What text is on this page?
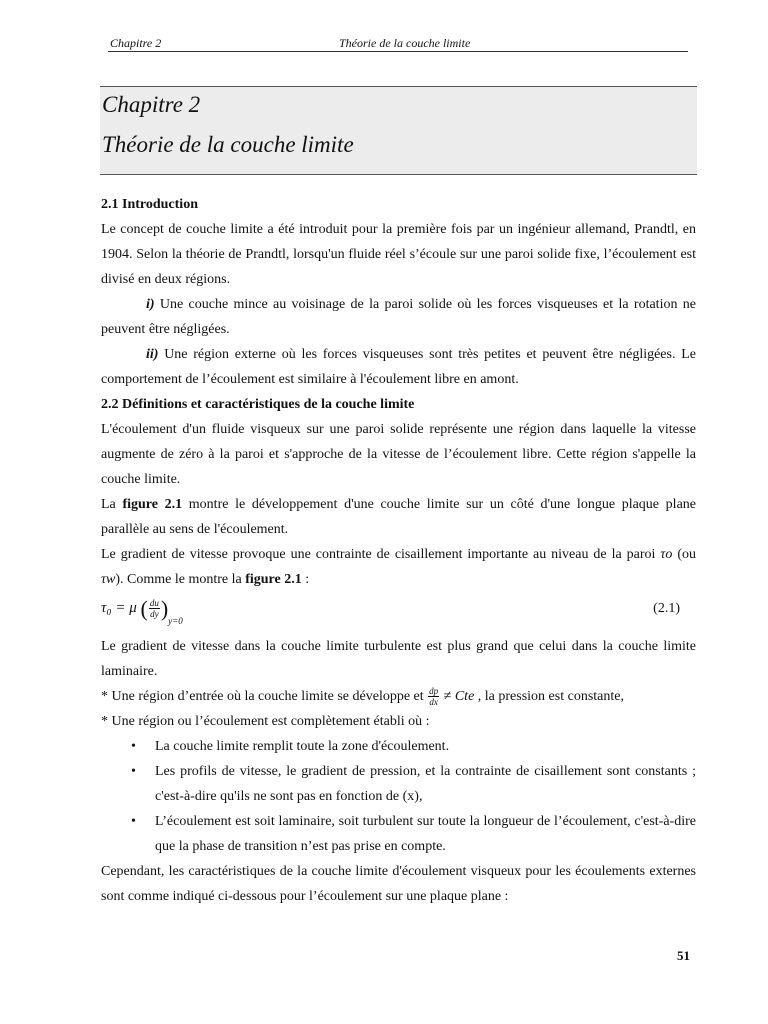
Chapitre 2	Théorie de la couche limite
Chapitre 2
Théorie de la couche limite

2.1 Introduction

Le concept de couche limite a été introduit pour la première fois par un ingénieur allemand, Prandtl, en 1904. Selon la théorie de Prandtl, lorsqu'un fluide réel s’écoule sur une paroi solide fixe, l’écoulement est divisé en deux régions.

i) Une couche mince au voisinage de la paroi solide où les forces visqueuses et la rotation ne peuvent être négligées.

ii) Une région externe où les forces visqueuses sont très petites et peuvent être négligées. Le comportement de l’écoulement est similaire à l'écoulement libre en amont.

2.2 Définitions et caractéristiques de la couche limite

L'écoulement d'un fluide visqueux sur une paroi solide représente une région dans laquelle la vitesse augmente de zéro à la paroi et s'approche de la vitesse de l’écoulement libre. Cette région s'appelle la couche limite.

La figure 2.1 montre le développement d'une couche limite sur un côté d'une longue plaque plane parallèle au sens de l'écoulement.

Le gradient de vitesse provoque une contrainte de cisaillement importante au niveau de la paroi τo (ou τw). Comme le montre la figure 2.1 :

τ₀ = μ ( $\frac{du}{dy} )_{y=0}$
(2.1)

Le gradient de vitesse dans la couche limite turbulente est plus grand que celui dans la couche limite laminaire.

* Une région d’entrée où la couche limite se développe et $\frac{dp}{dx}$ ≠ Cte , la pression est constante,

* Une région ou l’écoulement est complètement établi où :

• La couche limite remplit toute la zone d'écoulement.
• Les profils de vitesse, le gradient de pression, et la contrainte de cisaillement sont constants ; c'est-à-dire qu'ils ne sont pas en fonction de (x),
• L’écoulement est soit laminaire, soit turbulent sur toute la longueur de l’écoulement, c'est-à-dire que la phase de transition n’est pas prise en compte.

Cependant, les caractéristiques de la couche limite d'écoulement visqueux pour les écoulements externes sont comme indiqué ci-dessous pour l’écoulement sur une plaque plane :

51
